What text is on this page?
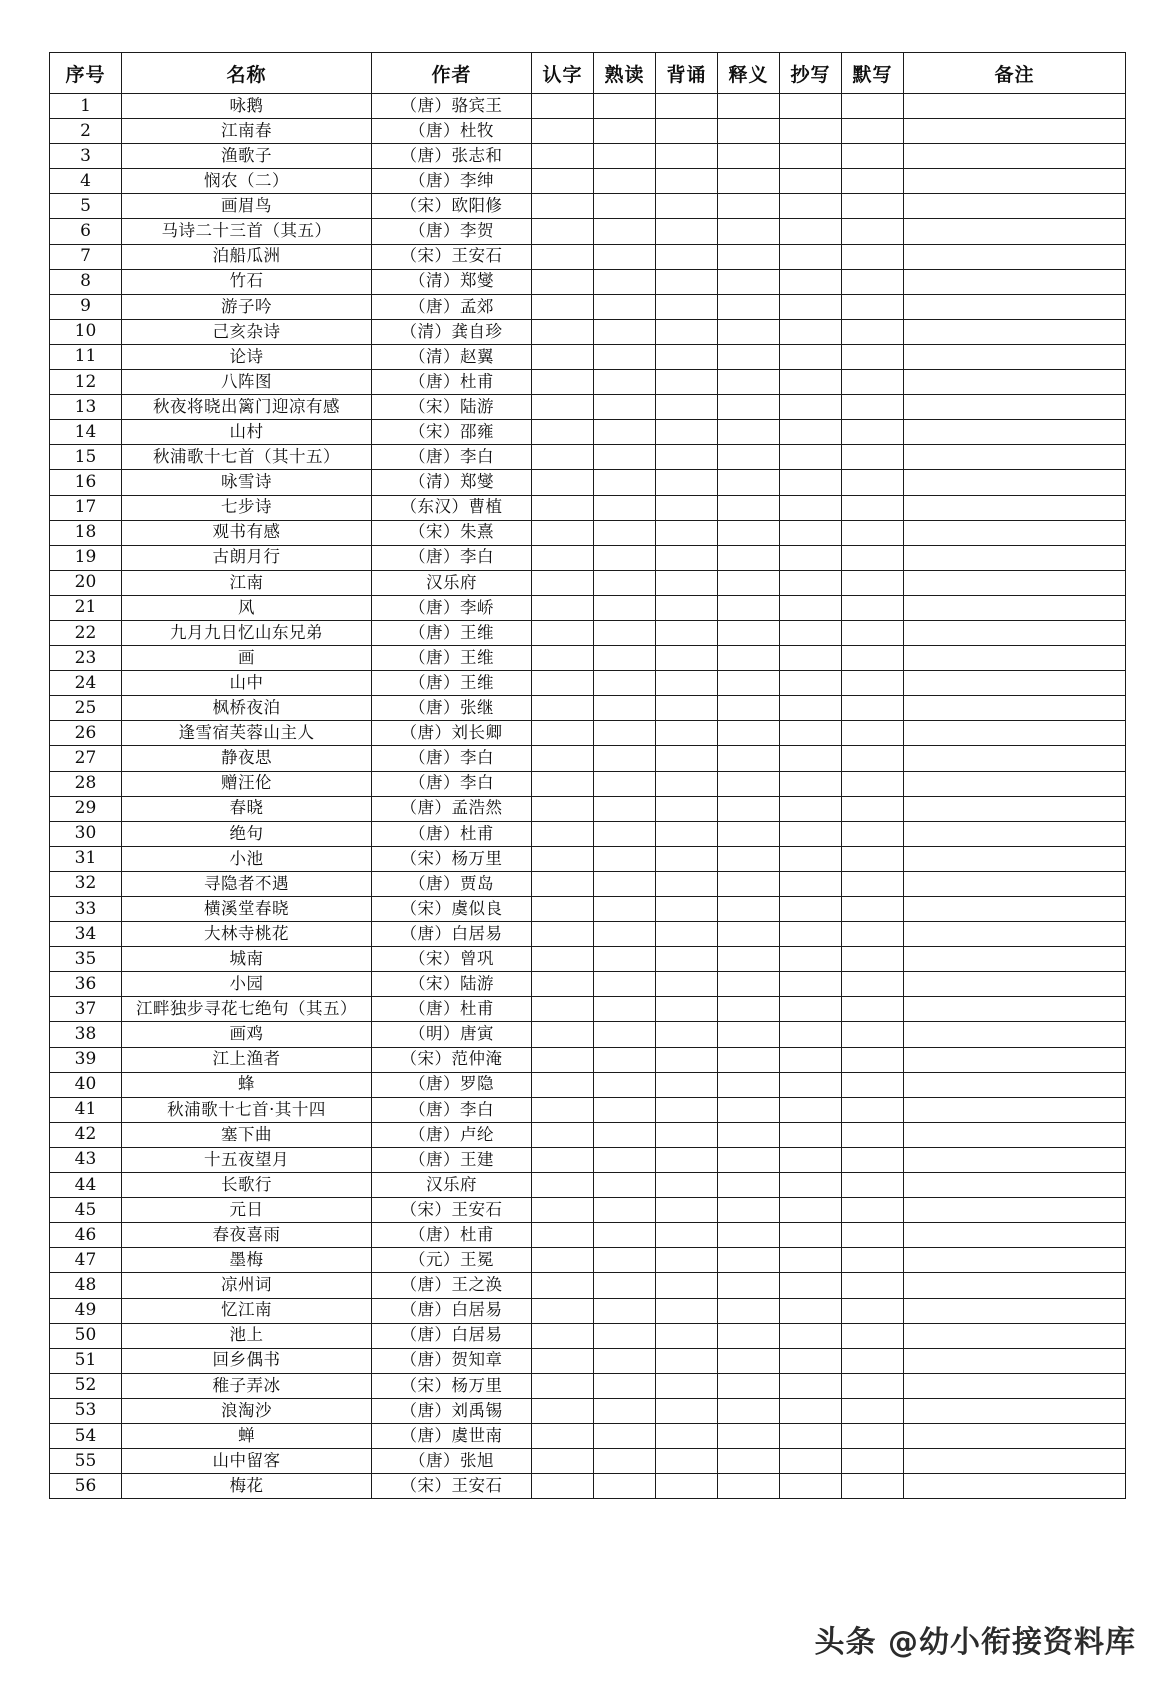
序号	名称	作者	认字	熟读	背诵	释义	抄写	默写	备注
1	咏鹅	（唐）骆宾王							
2	江南春	（唐）杜牧							
3	渔歌子	（唐）张志和							
4	悯农（二）	（唐）李绅							
5	画眉鸟	（宋）欧阳修							
6	马诗二十三首（其五）	（唐）李贺							
7	泊船瓜洲	（宋）王安石							
8	竹石	（清）郑燮							
9	游子吟	（唐）孟郊							
10	己亥杂诗	（清）龚自珍							
11	论诗	（清）赵翼							
12	八阵图	（唐）杜甫							
13	秋夜将晓出篱门迎凉有感	（宋）陆游							
14	山村	（宋）邵雍							
15	秋浦歌十七首（其十五）	（唐）李白							
16	咏雪诗	（清）郑燮							
17	七步诗	（东汉）曹植							
18	观书有感	（宋）朱熹							
19	古朗月行	（唐）李白							
20	江南	汉乐府							
21	风	（唐）李峤							
22	九月九日忆山东兄弟	（唐）王维							
23	画	（唐）王维							
24	山中	（唐）王维							
25	枫桥夜泊	（唐）张继							
26	逢雪宿芙蓉山主人	（唐）刘长卿							
27	静夜思	（唐）李白							
28	赠汪伦	（唐）李白							
29	春晓	（唐）孟浩然							
30	绝句	（唐）杜甫							
31	小池	（宋）杨万里							
32	寻隐者不遇	（唐）贾岛							
33	横溪堂春晓	（宋）虞似良							
34	大林寺桃花	（唐）白居易							
35	城南	（宋）曾巩							
36	小园	（宋）陆游							
37	江畔独步寻花七绝句（其五）	（唐）杜甫							
38	画鸡	（明）唐寅							
39	江上渔者	（宋）范仲淹							
40	蜂	（唐）罗隐							
41	秋浦歌十七首·其十四	（唐）李白							
42	塞下曲	（唐）卢纶							
43	十五夜望月	（唐）王建							
44	长歌行	汉乐府							
45	元日	（宋）王安石							
46	春夜喜雨	（唐）杜甫							
47	墨梅	（元）王冕							
48	凉州词	（唐）王之涣							
49	忆江南	（唐）白居易							
50	池上	（唐）白居易							
51	回乡偶书	（唐）贺知章							
52	稚子弄冰	（宋）杨万里							
53	浪淘沙	（唐）刘禹锡							
54	蝉	（唐）虞世南							
55	山中留客	（唐）张旭							
56	梅花	（宋）王安石							
头条 @幼小衔接资料库
